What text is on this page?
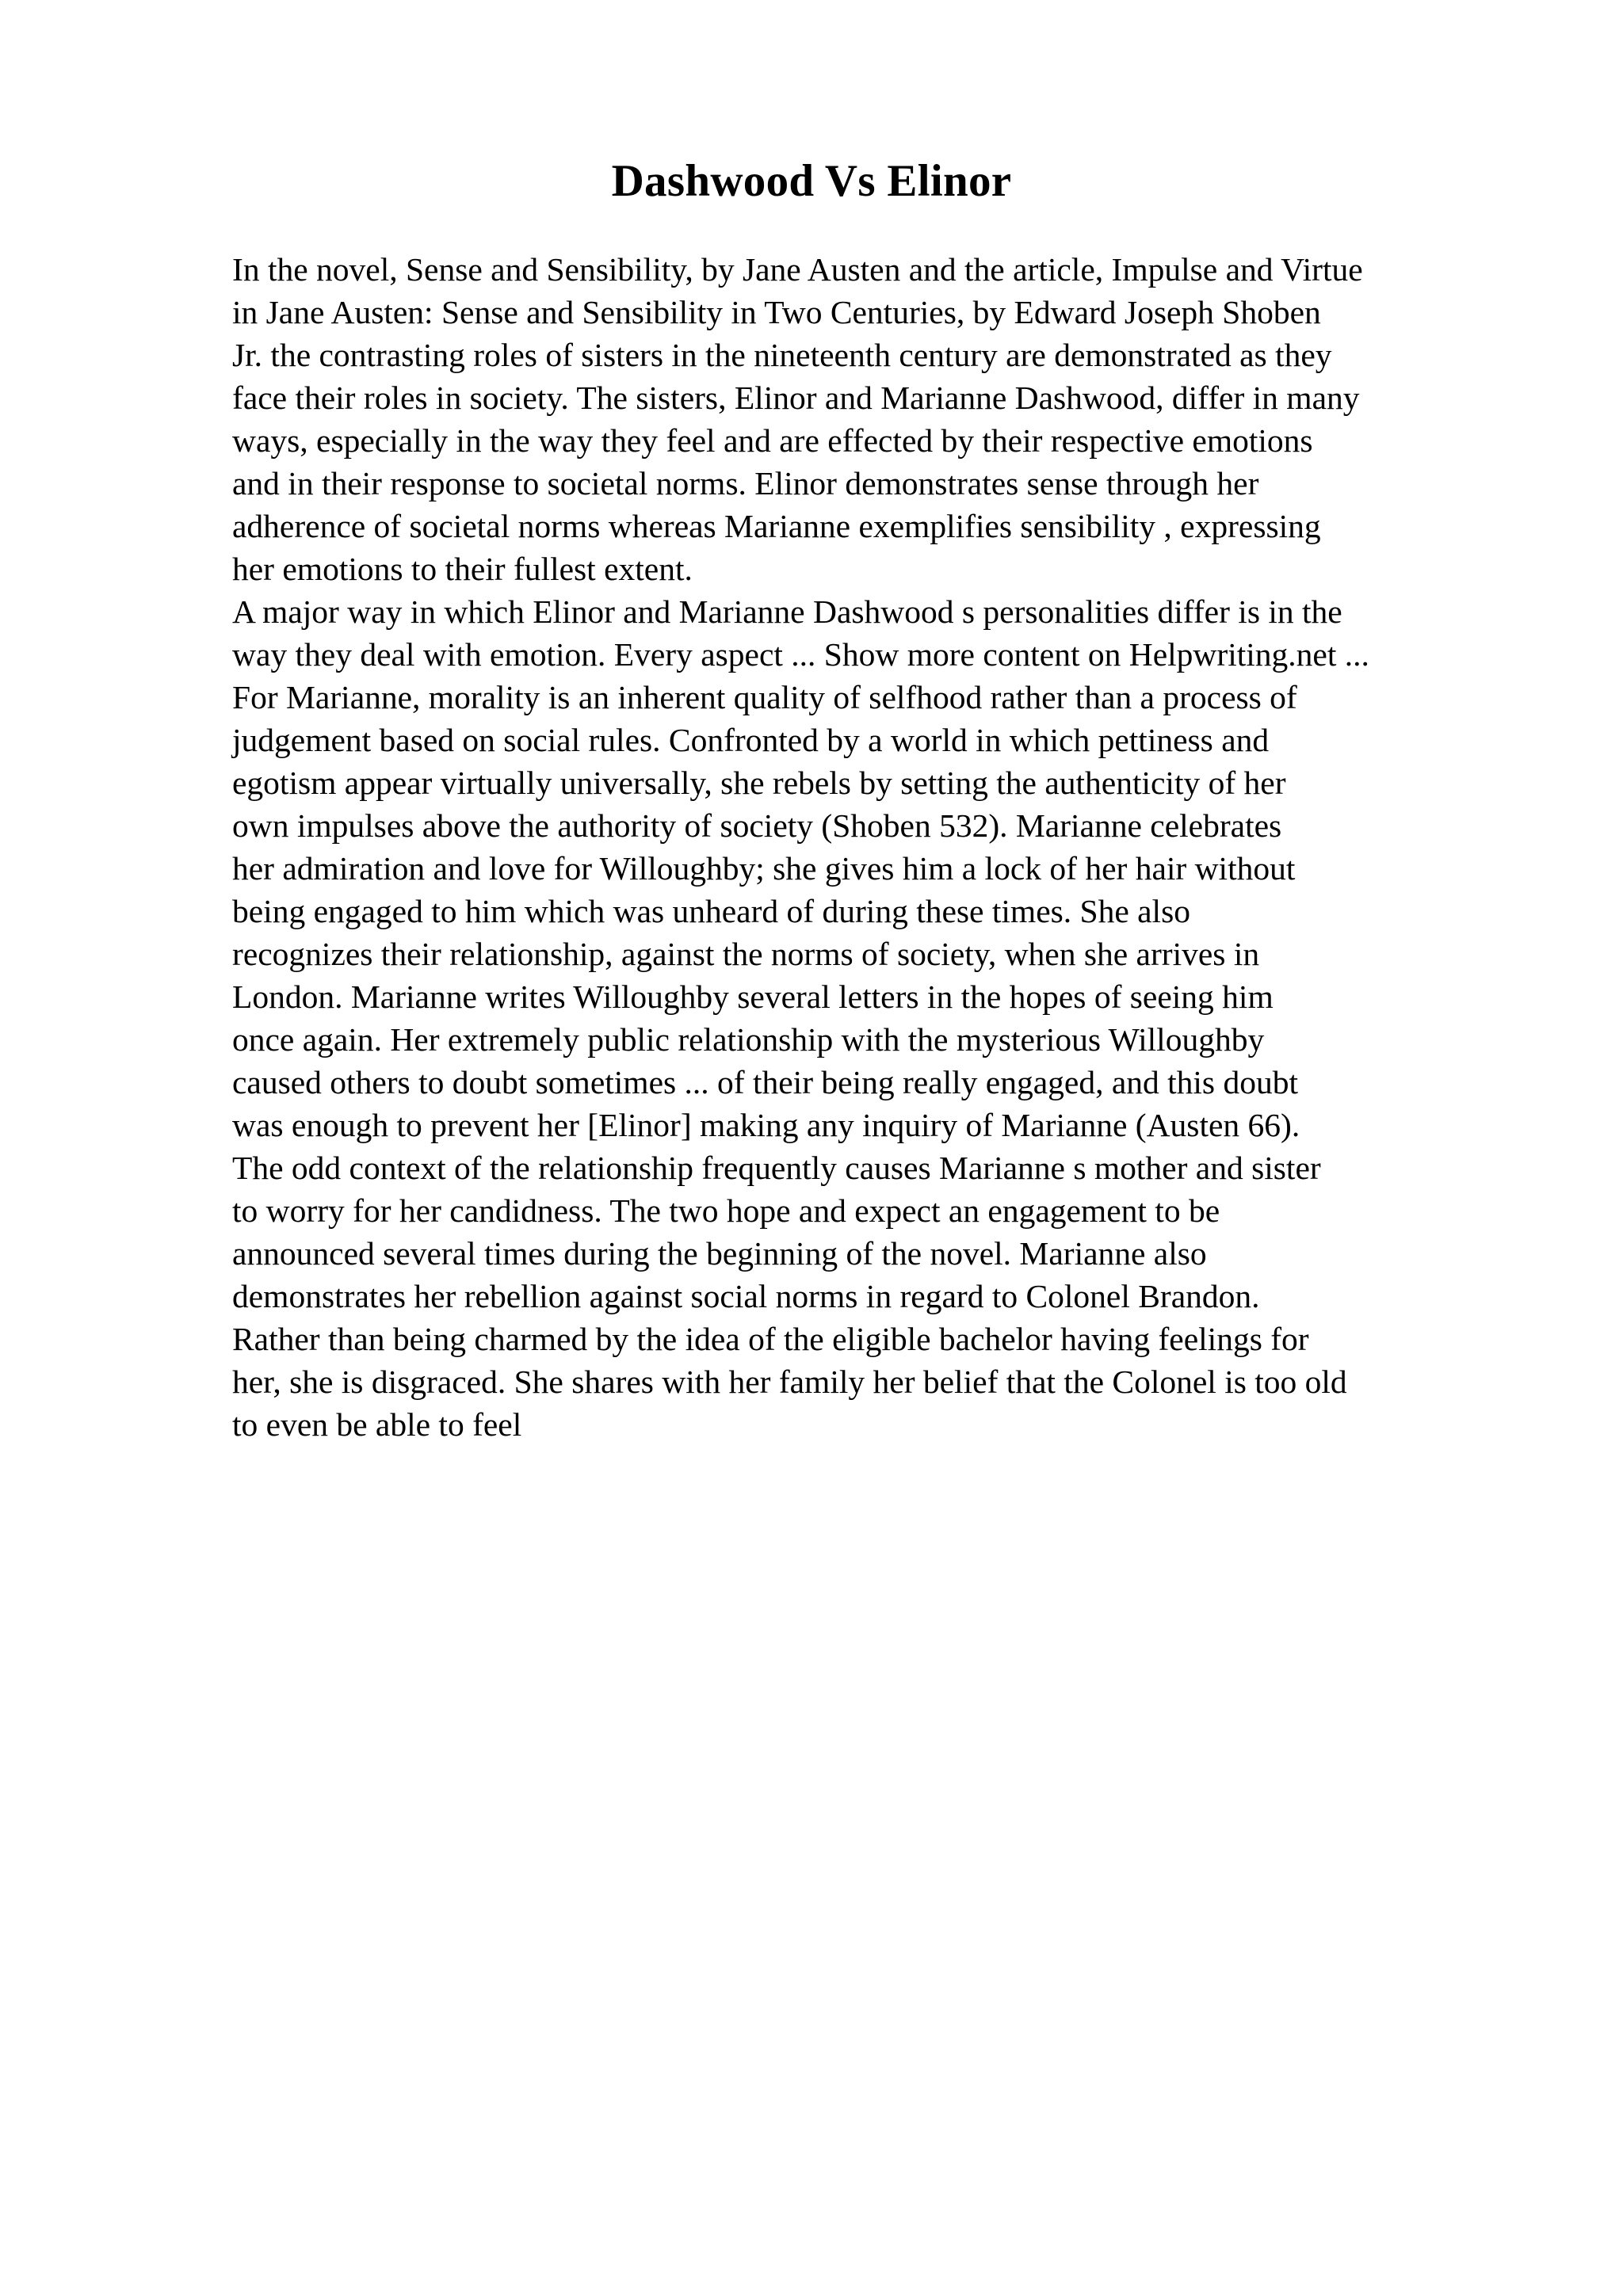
Dashwood Vs Elinor
In the novel, Sense and Sensibility, by Jane Austen and the article, Impulse and Virtue
in Jane Austen: Sense and Sensibility in Two Centuries, by Edward Joseph Shoben
Jr. the contrasting roles of sisters in the nineteenth century are demonstrated as they
face their roles in society. The sisters, Elinor and Marianne Dashwood, differ in many
ways, especially in the way they feel and are effected by their respective emotions
and in their response to societal norms. Elinor demonstrates sense through her
adherence of societal norms whereas Marianne exemplifies sensibility , expressing
her emotions to their fullest extent.
A major way in which Elinor and Marianne Dashwood s personalities differ is in the
way they deal with emotion. Every aspect ... Show more content on Helpwriting.net ...
For Marianne, morality is an inherent quality of selfhood rather than a process of
judgement based on social rules. Confronted by a world in which pettiness and
egotism appear virtually universally, she rebels by setting the authenticity of her
own impulses above the authority of society (Shoben 532). Marianne celebrates
her admiration and love for Willoughby; she gives him a lock of her hair without
being engaged to him which was unheard of during these times. She also
recognizes their relationship, against the norms of society, when she arrives in
London. Marianne writes Willoughby several letters in the hopes of seeing him
once again. Her extremely public relationship with the mysterious Willoughby
caused others to doubt sometimes ... of their being really engaged, and this doubt
was enough to prevent her [Elinor] making any inquiry of Marianne (Austen 66).
The odd context of the relationship frequently causes Marianne s mother and sister
to worry for her candidness. The two hope and expect an engagement to be
announced several times during the beginning of the novel. Marianne also
demonstrates her rebellion against social norms in regard to Colonel Brandon.
Rather than being charmed by the idea of the eligible bachelor having feelings for
her, she is disgraced. She shares with her family her belief that the Colonel is too old
to even be able to feel
